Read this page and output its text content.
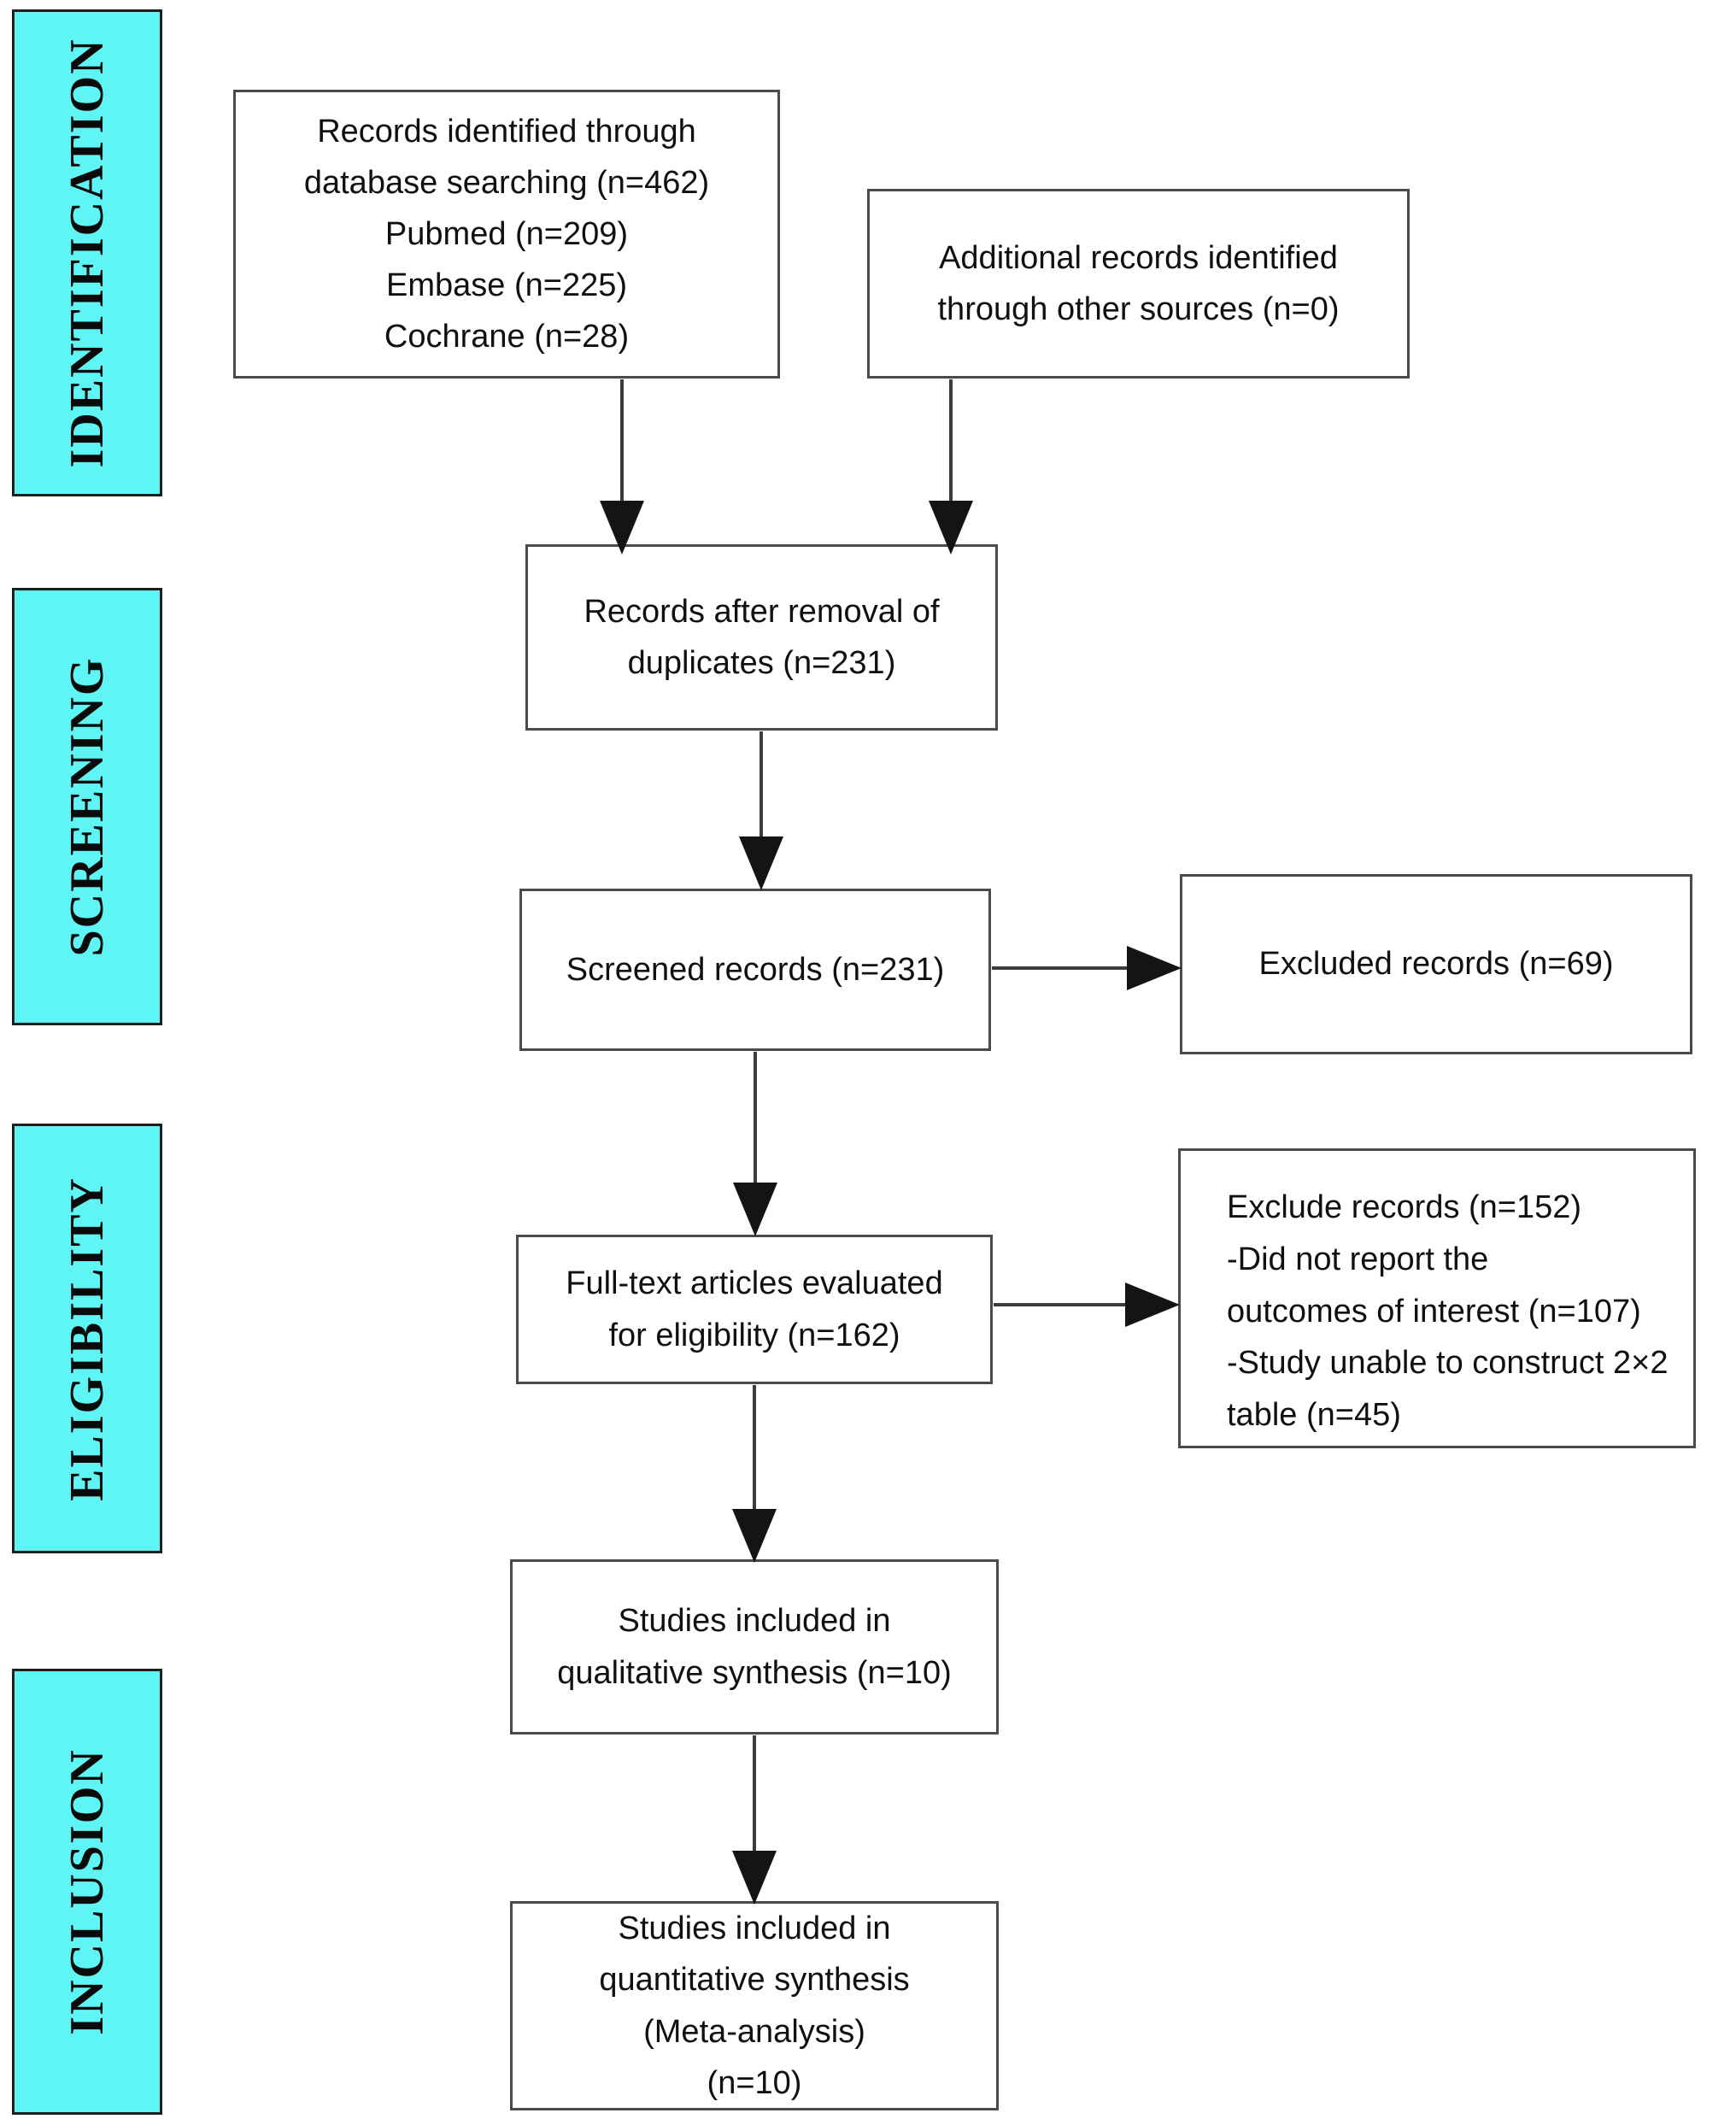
IDENTIFICATION
SCREENING
ELIGIBILITY
INCLUSION
Records identified through
database searching (n=462)
Pubmed (n=209)
Embase (n=225)
Cochrane (n=28)
Additional records identified
through other sources (n=0)
Records after removal of
duplicates (n=231)
Screened records (n=231)	Excluded records (n=69)
Full-text articles evaluated
for eligibility (n=162)
Exclude records (n=152)
-Did not report the
outcomes of interest (n=107)
-Study unable to construct 2×2
table (n=45)
Studies included in
qualitative synthesis (n=10)
Studies included in
quantitative synthesis
(Meta-analysis)
(n=10)
